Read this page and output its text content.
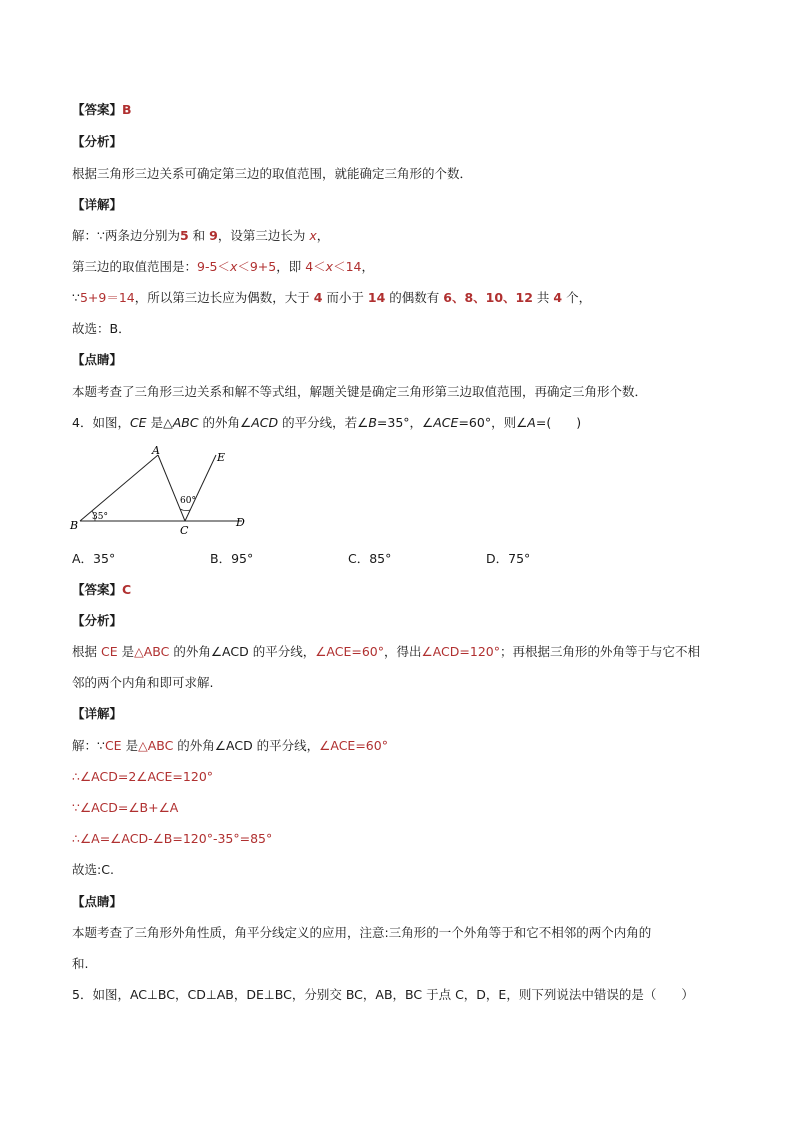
【答案】B
【分析】
根据三角形三边关系可确定第三边的取值范围，就能确定三角形的个数．
【详解】
解：∵两条边分别为5 和 9，设第三边长为 x，
第三边的取值范围是：9-5＜x＜9+5，即 4＜x＜14，
∵5+9＝14，所以第三边长应为偶数，大于 4 而小于 14 的偶数有 6、8、10、12 共 4 个，
故选：B．
【点睛】
本题考查了三角形三边关系和解不等式组，解题关键是确定三角形第三边取值范围，再确定三角形个数．
4．如图，CE 是△ABC 的外角∠ACD 的平分线，若∠B=35°，∠ACE=60°，则∠A=(　　)
B
A
C
D
E
35°
60°
A．35°	B．95°	C．85°	D．75°
【答案】C
【分析】
根据 CE 是△ABC 的外角∠ACD 的平分线，∠ACE=60°，得出∠ACD=120°；再根据三角形的外角等于与它不相
邻的两个内角和即可求解.
【详解】
解：∵CE 是△ABC 的外角∠ACD 的平分线，∠ACE=60°
∴∠ACD=2∠ACE=120°
∵∠ACD=∠B+∠A
∴∠A=∠ACD-∠B=120°-35°=85°
故选:C.
【点睛】
本题考查了三角形外角性质，角平分线定义的应用，注意:三角形的一个外角等于和它不相邻的两个内角的
和.
5．如图，AC⊥BC，CD⊥AB，DE⊥BC，分别交 BC，AB，BC 于点 C，D，E，则下列说法中错误的是（　　）
